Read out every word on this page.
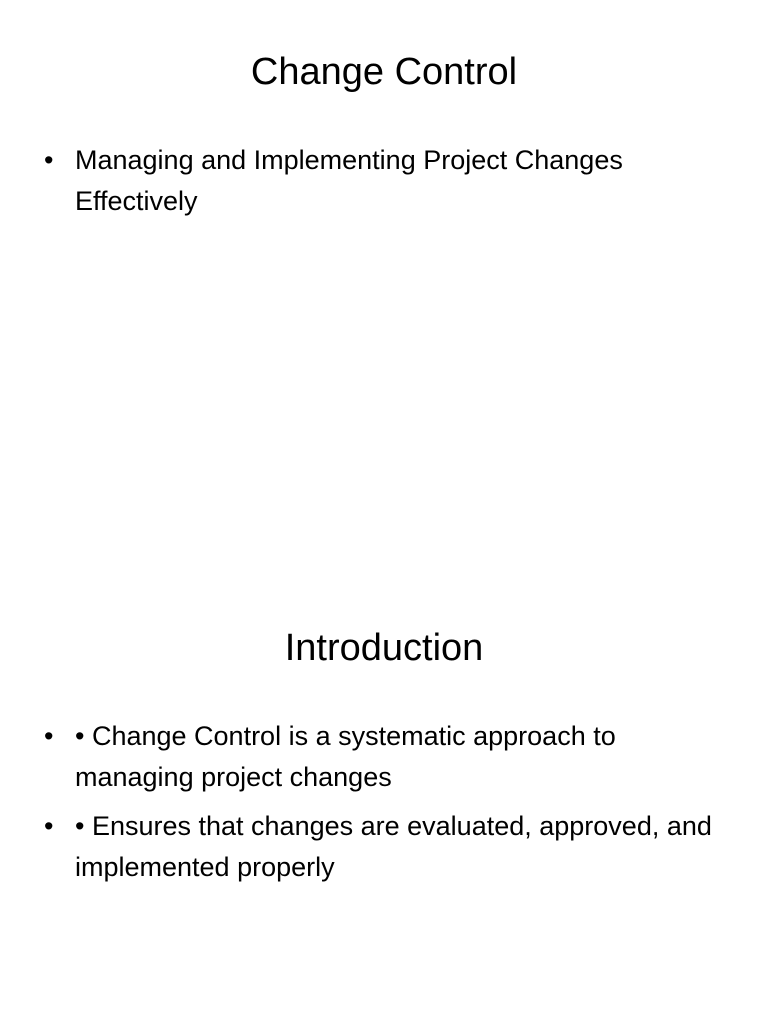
Change Control
• Managing and Implementing Project Changes Effectively
Introduction
• • Change Control is a systematic approach to managing project changes
• • Ensures that changes are evaluated, approved, and implemented properly
